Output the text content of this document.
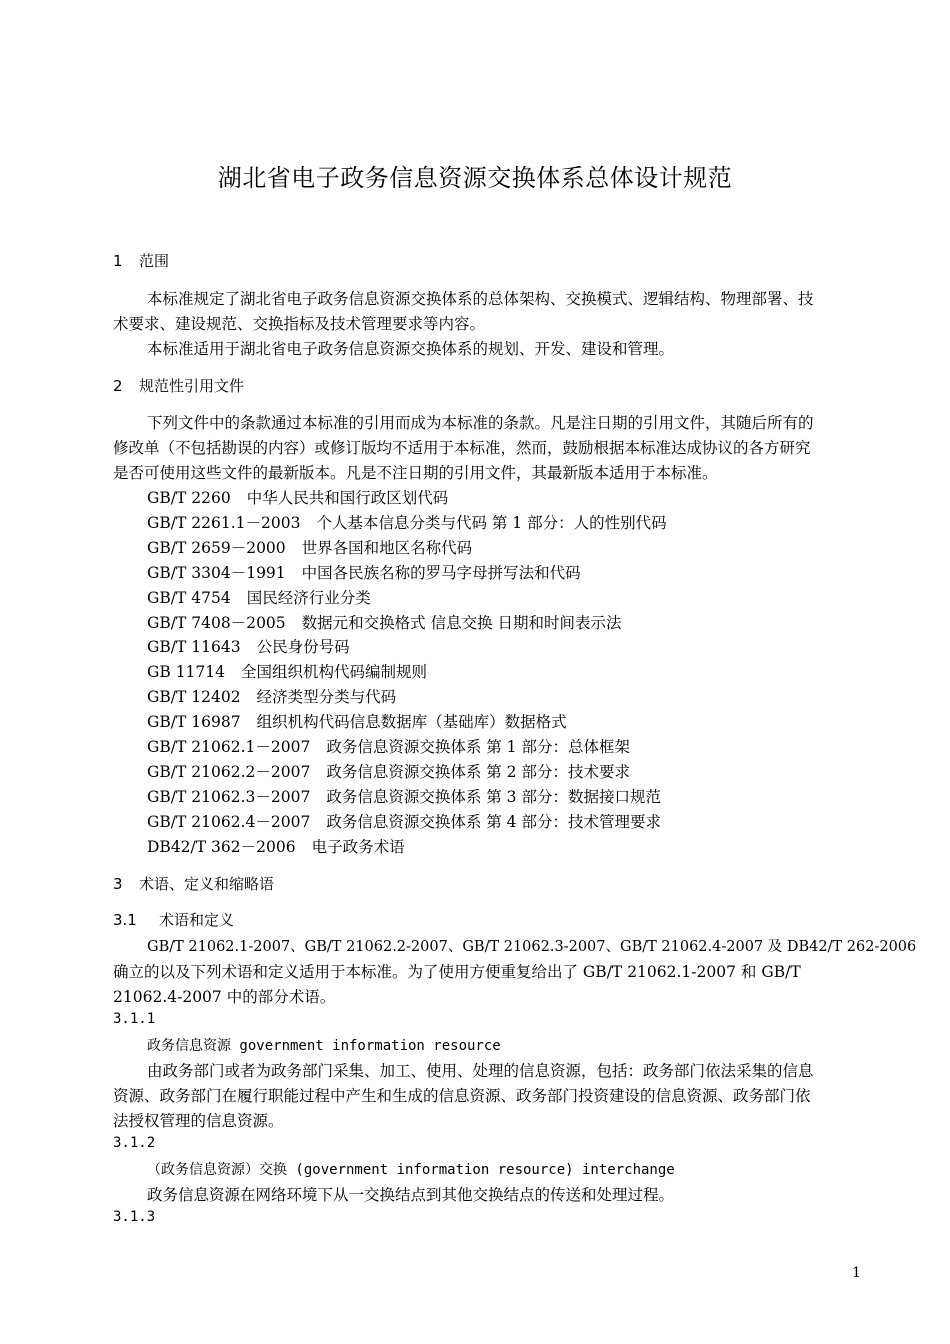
湖北省电子政务信息资源交换体系总体设计规范
1 范围
本标准规定了湖北省电子政务信息资源交换体系的总体架构、交换模式、逻辑结构、物理部署、技
术要求、建设规范、交换指标及技术管理要求等内容。
本标准适用于湖北省电子政务信息资源交换体系的规划、开发、建设和管理。
2 规范性引用文件
下列文件中的条款通过本标准的引用而成为本标准的条款。凡是注日期的引用文件，其随后所有的
修改单（不包括勘误的内容）或修订版均不适用于本标准，然而，鼓励根据本标准达成协议的各方研究
是否可使用这些文件的最新版本。凡是不注日期的引用文件，其最新版本适用于本标准。
GB/T 2260 中华人民共和国行政区划代码
GB/T 2261.1－2003 个人基本信息分类与代码 第 1 部分：人的性别代码
GB/T 2659－2000 世界各国和地区名称代码
GB/T 3304－1991 中国各民族名称的罗马字母拼写法和代码
GB/T 4754 国民经济行业分类
GB/T 7408－2005 数据元和交换格式 信息交换 日期和时间表示法
GB/T 11643 公民身份号码
GB 11714 全国组织机构代码编制规则
GB/T 12402 经济类型分类与代码
GB/T 16987 组织机构代码信息数据库（基础库）数据格式
GB/T 21062.1－2007 政务信息资源交换体系 第 1 部分：总体框架
GB/T 21062.2－2007 政务信息资源交换体系 第 2 部分：技术要求
GB/T 21062.3－2007 政务信息资源交换体系 第 3 部分：数据接口规范
GB/T 21062.4－2007 政务信息资源交换体系 第 4 部分：技术管理要求
DB42/T 362－2006 电子政务术语
3 术语、定义和缩略语
3.1 术语和定义
GB/T 21062.1-2007、GB/T 21062.2-2007、GB/T 21062.3-2007、GB/T 21062.4-2007 及 DB42/T 262-2006
确立的以及下列术语和定义适用于本标准。为了使用方便重复给出了 GB/T 21062.1-2007 和 GB/T
21062.4-2007 中的部分术语。
3.1.1
政务信息资源 government information resource
由政务部门或者为政务部门采集、加工、使用、处理的信息资源，包括：政务部门依法采集的信息
资源、政务部门在履行职能过程中产生和生成的信息资源、政务部门投资建设的信息资源、政务部门依
法授权管理的信息资源。
3.1.2
（政务信息资源）交换 (government information resource) interchange
政务信息资源在网络环境下从一交换结点到其他交换结点的传送和处理过程。
3.1.3
1
